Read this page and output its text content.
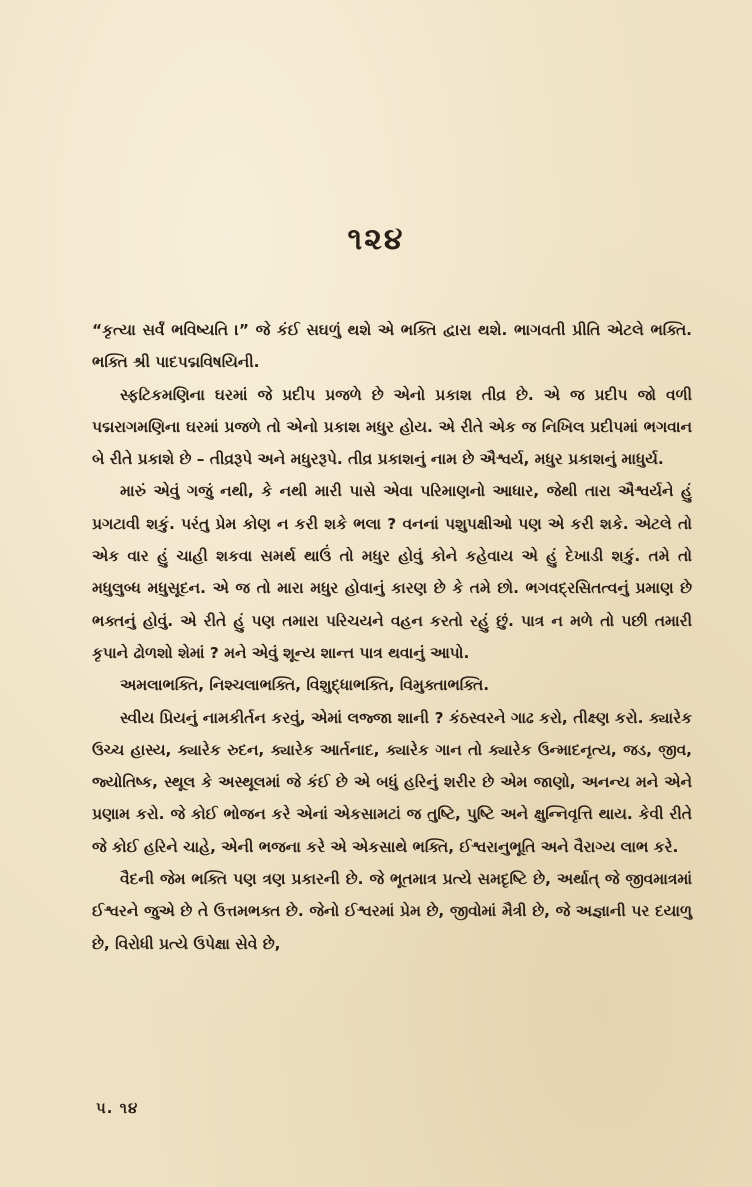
૧૨૪

“કૃત્યા સર્વં ભવિષ્યતિ ।” જે કંઈ સઘળું થશે એ ભક્તિ દ્વારા થશે. ભાગવતી પ્રીતિ એટલે ભક્તિ. ભક્તિ શ્રી પાદપદ્મવિષયિની.

સ્ફટિકમણિના ઘરમાં જે પ્રદીપ પ્રજળે છે એનો પ્રકાશ તીવ્ર છે. એ જ પ્રદીપ જો વળી પદ્મરાગમણિના ઘરમાં પ્રજળે તો એનો પ્રકાશ મધુર હોય. એ રીતે એક જ નિખિલ પ્રદીપમાં ભગવાન બે રીતે પ્રકાશે છે – તીવ્રરૂપે અને મધુરરૂપે. તીવ્ર પ્રકાશનું નામ છે ઐશ્વર્ય, મધુર પ્રકાશનું માધુર્ય.

મારું એવું ગજું નથી, કે નથી મારી પાસે એવા પરિમાણનો આધાર, જેથી તારા ઐશ્વર્યને હું પ્રગટાવી શકું. પરંતુ પ્રેમ કોણ ન કરી શકે ભલા ? વનનાં પશુપક્ષીઓ પણ એ કરી શકે. એટલે તો એક વાર હું ચાહી શકવા સમર્થ થાઉં તો મધુર હોવું કોને કહેવાય એ હું દેખાડી શકું. તમે તો મધુલુબ્ધ મધુસૂદન. એ જ તો મારા મધુર હોવાનું કારણ છે કે તમે છો. ભગવદ્‌રસિતત્વનું પ્રમાણ છે ભક્તનું હોવું. એ રીતે હું પણ તમારા પરિચયને વહન કરતો રહું છું. પાત્ર ન મળે તો પછી તમારી કૃપાને ઢોળશો શેમાં ? મને એવું શૂન્ય શાન્ત પાત્ર થવાનું આપો.

અમલાભક્તિ, નિશ્ચલાભક્તિ, વિશુદ્ધાભક્તિ, વિમુક્તાભક્તિ.

સ્વીય પ્રિયનું નામકીર્તન કરવું, એમાં લજ્જા શાની ? કંઠસ્વરને ગાઢ કરો, તીક્ષ્ણ કરો. ક્યારેક ઉચ્ચ હાસ્ય, ક્યારેક રુદન, ક્યારેક આર્તનાદ, ક્યારેક ગાન તો ક્યારેક ઉન્માદનૃત્ય, જડ, જીવ, જ્યોતિષ્ક, સ્થૂલ કે અસ્થૂલમાં જે કંઈ છે એ બધું હરિનું શરીર છે એમ જાણો, અનન્ય મને એને પ્રણામ કરો. જે કોઈ ભોજન કરે એનાં એકસામટાં જ તુષ્ટિ, પુષ્ટિ અને ક્ષુન્નિવૃત્તિ થાય. કેવી રીતે જે કોઈ હરિને ચાહે, એની ભજના કરે એ એકસાથે ભક્તિ, ઈશ્વરાનુભૂતિ અને વૈરાગ્ય લાભ કરે.

વૈદની જેમ ભક્તિ પણ ત્રણ પ્રકારની છે. જે ભૂતમાત્ર પ્રત્યે સમદૃષ્ટિ છે, અર્થાત્ જે જીવમાત્રમાં ઈશ્વરને જુએ છે તે ઉત્તમભક્ત છે. જેનો ઈશ્વરમાં પ્રેમ છે, જીવોમાં મૈત્રી છે, જે અજ્ઞાની પર દયાળુ છે, વિરોધી પ્રત્યે ઉપેક્ષા સેવે છે,

પ. ૧૪
